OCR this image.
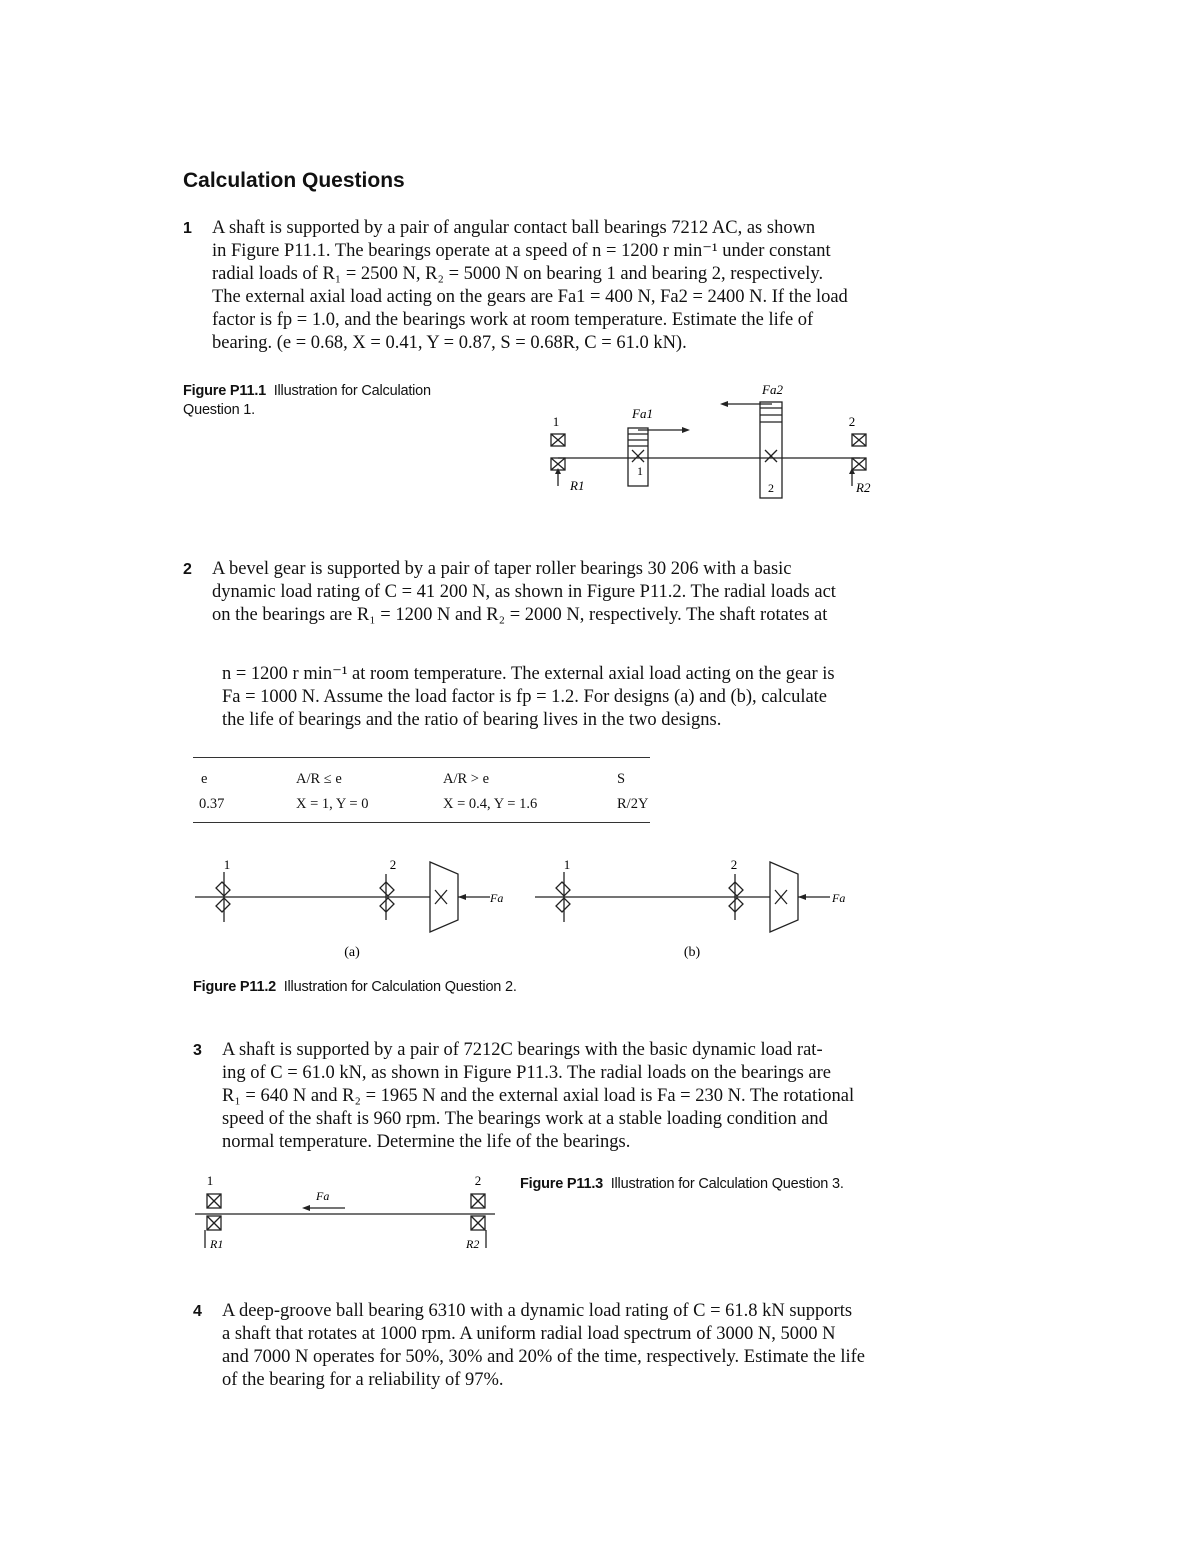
Calculation Questions
1 A shaft is supported by a pair of angular contact ball bearings 7212 AC, as shown
in Figure P11.1. The bearings operate at a speed of n = 1200 r min⁻¹ under constant
radial loads of R₁ = 2500 N, R₂ = 5000 N on bearing 1 and bearing 2, respectively.
The external axial load acting on the gears are Fa1 = 400 N, Fa2 = 2400 N. If the load
factor is fp = 1.0, and the bearings work at room temperature. Estimate the life of
bearing. (e = 0.68, X = 0.41, Y = 0.87, S = 0.68R, C = 61.0 kN).
Figure P11.1 Illustration for Calculation Question 1.
1	2
1
2
Fa1
Fa2
R1	R2
2 A bevel gear is supported by a pair of taper roller bearings 30 206 with a basic
dynamic load rating of C = 41 200 N, as shown in Figure P11.2. The radial loads act
on the bearings are R₁ = 1200 N and R₂ = 2000 N, respectively. The shaft rotates at
n = 1200 r min⁻¹ at room temperature. The external axial load acting on the gear is
Fa = 1000 N. Assume the load factor is fp = 1.2. For designs (a) and (b), calculate
the life of bearings and the ratio of bearing lives in the two designs.
e	A/R ≤ e	A/R > e	S
0.37	X = 1, Y = 0	X = 0.4, Y = 1.6	R/2Y
1	2	1	2
Fa	Fa
(a)	(b)
Figure P11.2 Illustration for Calculation Question 2.
3 A shaft is supported by a pair of 7212C bearings with the basic dynamic load rat-
ing of C = 61.0 kN, as shown in Figure P11.3. The radial loads on the bearings are
R₁ = 640 N and R₂ = 1965 N and the external axial load is Fa = 230 N. The rotational
speed of the shaft is 960 rpm. The bearings work at a stable loading condition and
normal temperature. Determine the life of the bearings.
1	2
Fa
R1	R2
Figure P11.3 Illustration for Calculation Question 3.
4 A deep-groove ball bearing 6310 with a dynamic load rating of C = 61.8 kN supports
a shaft that rotates at 1000 rpm. A uniform radial load spectrum of 3000 N, 5000 N
and 7000 N operates for 50%, 30% and 20% of the time, respectively. Estimate the life
of the bearing for a reliability of 97%.
